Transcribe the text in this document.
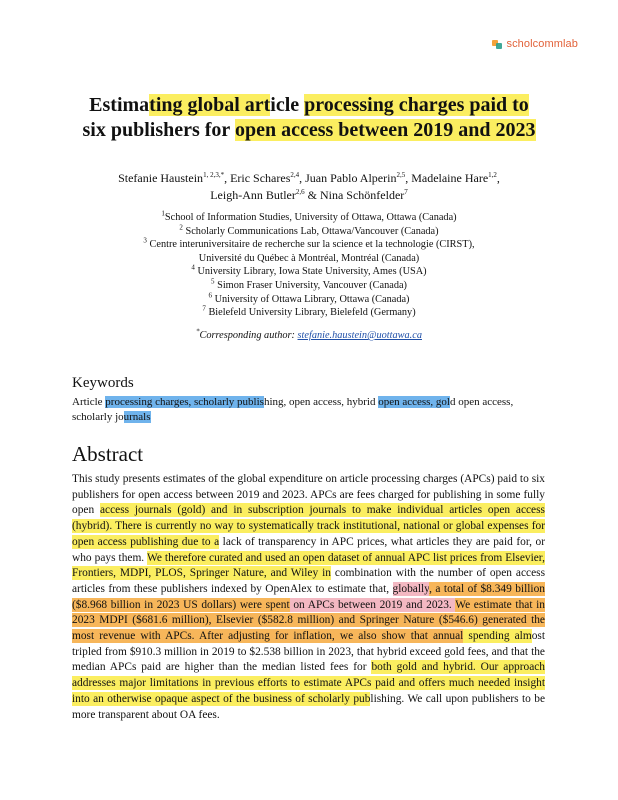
scholcommlab
Estimating global article processing charges paid to
six publishers for open access between 2019 and 2023
Stefanie Haustein$^{1, 2,3,*}$, Eric Schares$^{2,4}$, Juan Pablo Alperin$^{2,5}$, Madelaine Hare$^{1,2}$,
Leigh-Ann Butler$^{2,6}$ & Nina Schönfelder$^7$
$^1$School of Information Studies, University of Ottawa, Ottawa (Canada)
$^2$ Scholarly Communications Lab, Ottawa/Vancouver (Canada)
$^3$ Centre interuniversitaire de recherche sur la science et la technologie (CIRST),
Université du Québec à Montréal, Montréal (Canada)
$^4$ University Library, Iowa State University, Ames (USA)
$^5$ Simon Fraser University, Vancouver (Canada)
$^6$ University of Ottawa Library, Ottawa (Canada)
$^7$ Bielefeld University Library, Bielefeld (Germany)
*Corresponding author: stefanie.haustein@uottawa.ca
Keywords
Article processing charges, scholarly publishing, open access, hybrid open access, gold open access,
scholarly journals
Abstract
This study presents estimates of the global expenditure on article processing charges (APCs) paid to six publishers for open access between 2019 and 2023. APCs are fees charged for publishing in some fully open access journals (gold) and in subscription journals to make individual articles open access (hybrid). There is currently no way to systematically track institutional, national or global expenses for open access publishing due to a lack of transparency in APC prices, what articles they are paid for, or who pays them. We therefore curated and used an open dataset of annual APC list prices from Elsevier, Frontiers, MDPI, PLOS, Springer Nature, and Wiley in combination with the number of open access articles from these publishers indexed by OpenAlex to estimate that, globally, a total of $8.349 billion ($8.968 billion in 2023 US dollars) were spent on APCs between 2019 and 2023. We estimate that in 2023 MDPI ($681.6 million), Elsevier ($582.8 million) and Springer Nature ($546.6) generated the most revenue with APCs. After adjusting for inflation, we also show that annual spending almost tripled from $910.3 million in 2019 to $2.538 billion in 2023, that hybrid exceed gold fees, and that the median APCs paid are higher than the median listed fees for both gold and hybrid. Our approach addresses major limitations in previous efforts to estimate APCs paid and offers much needed insight into an otherwise opaque aspect of the business of scholarly publishing. We call upon publishers to be more transparent about OA fees.
